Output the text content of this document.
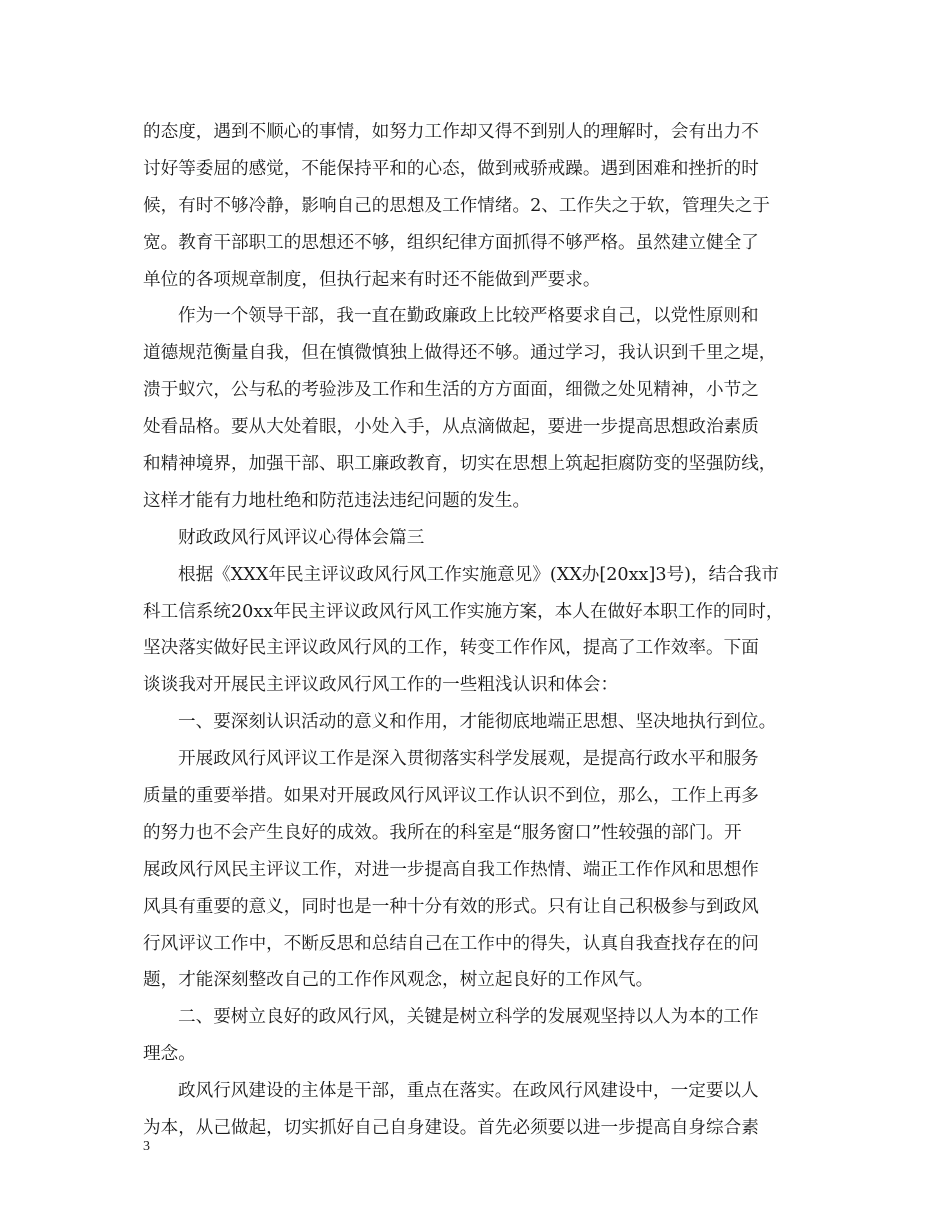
的态度，遇到不顺心的事情，如努力工作却又得不到别人的理解时，会有出力不
讨好等委屈的感觉，不能保持平和的心态，做到戒骄戒躁。遇到困难和挫折的时
候，有时不够冷静，影响自己的思想及工作情绪。2、工作失之于软，管理失之于
宽。教育干部职工的思想还不够，组织纪律方面抓得不够严格。虽然建立健全了
单位的各项规章制度，但执行起来有时还不能做到严要求。
作为一个领导干部，我一直在勤政廉政上比较严格要求自己，以党性原则和
道德规范衡量自我，但在慎微慎独上做得还不够。通过学习，我认识到千里之堤，
溃于蚁穴，公与私的考验涉及工作和生活的方方面面，细微之处见精神，小节之
处看品格。要从大处着眼，小处入手，从点滴做起，要进一步提高思想政治素质
和精神境界，加强干部、职工廉政教育，切实在思想上筑起拒腐防变的坚强防线，
这样才能有力地杜绝和防范违法违纪问题的发生。
财政政风行风评议心得体会篇三
根据《XXX年民主评议政风行风工作实施意见》(XX办[20xx]3号)，结合我市
科工信系统20xx年民主评议政风行风工作实施方案，本人在做好本职工作的同时，
坚决落实做好民主评议政风行风的工作，转变工作作风，提高了工作效率。下面
谈谈我对开展民主评议政风行风工作的一些粗浅认识和体会：
一、要深刻认识活动的意义和作用，才能彻底地端正思想、坚决地执行到位。
开展政风行风评议工作是深入贯彻落实科学发展观，是提高行政水平和服务
质量的重要举措。如果对开展政风行风评议工作认识不到位，那么，工作上再多
的努力也不会产生良好的成效。我所在的科室是“服务窗口”性较强的部门。开
展政风行风民主评议工作，对进一步提高自我工作热情、端正工作作风和思想作
风具有重要的意义，同时也是一种十分有效的形式。只有让自己积极参与到政风
行风评议工作中，不断反思和总结自己在工作中的得失，认真自我查找存在的问
题，才能深刻整改自己的工作作风观念，树立起良好的工作风气。
二、要树立良好的政风行风，关键是树立科学的发展观坚持以人为本的工作
理念。
政风行风建设的主体是干部，重点在落实。在政风行风建设中，一定要以人
为本，从己做起，切实抓好自己自身建设。首先必须要以进一步提高自身综合素
3
